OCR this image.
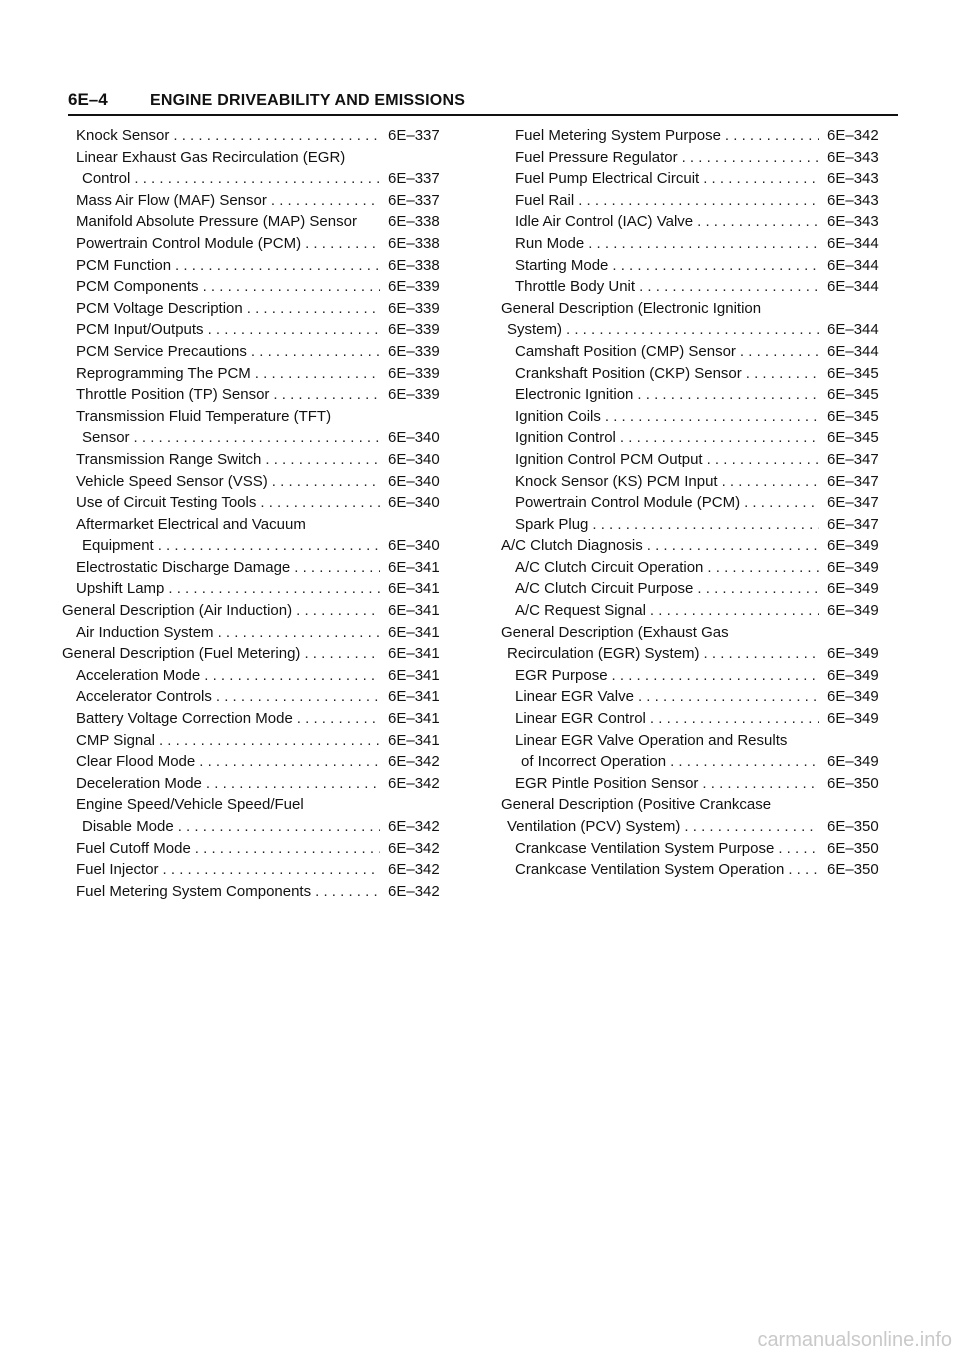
6E–4	ENGINE DRIVEABILITY AND EMISSIONS
Knock Sensor . . .	6E–337
Linear Exhaust Gas Recirculation (EGR)
Control . . .	6E–337
Mass Air Flow (MAF) Sensor . . .	6E–337
Manifold Absolute Pressure (MAP) Sensor 6E–338
Powertrain Control Module (PCM) . . .	6E–338
PCM Function . . .	6E–338
PCM Components . . .	6E–339
PCM Voltage Description . . .	6E–339
PCM Input/Outputs . . .	6E–339
PCM Service Precautions . . .	6E–339
Reprogramming The PCM . . .	6E–339
Throttle Position (TP) Sensor . . .	6E–339
Transmission Fluid Temperature (TFT)
Sensor . . .	6E–340
Transmission Range Switch . . .	6E–340
Vehicle Speed Sensor (VSS) . . .	6E–340
Use of Circuit Testing Tools . . .	6E–340
Aftermarket Electrical and Vacuum
Equipment . . .	6E–340
Electrostatic Discharge Damage . . .	6E–341
Upshift Lamp . . .	6E–341
General Description (Air Induction) . . .	6E–341
Air Induction System . . .	6E–341
General Description (Fuel Metering) . . .	6E–341
Acceleration Mode . . .	6E–341
Accelerator Controls . . .	6E–341
Battery Voltage Correction Mode . . .	6E–341
CMP Signal . . .	6E–341
Clear Flood Mode . . .	6E–342
Deceleration Mode . . .	6E–342
Engine Speed/Vehicle Speed/Fuel
Disable Mode . . .	6E–342
Fuel Cutoff Mode . . .	6E–342
Fuel Injector . . .	6E–342
Fuel Metering System Components . . .	6E–342
Fuel Metering System Purpose . . .	6E–342
Fuel Pressure Regulator . . .	6E–343
Fuel Pump Electrical Circuit . . .	6E–343
Fuel Rail . . .	6E–343
Idle Air Control (IAC) Valve . . .	6E–343
Run Mode . . .	6E–344
Starting Mode . . .	6E–344
Throttle Body Unit . . .	6E–344
General Description (Electronic Ignition
System) . . .	6E–344
Camshaft Position (CMP) Sensor . . .	6E–344
Crankshaft Position (CKP) Sensor . . .	6E–345
Electronic Ignition . . .	6E–345
Ignition Coils . . .	6E–345
Ignition Control . . .	6E–345
Ignition Control PCM Output . . .	6E–347
Knock Sensor (KS) PCM Input . . .	6E–347
Powertrain Control Module (PCM) . . .	6E–347
Spark Plug . . .	6E–347
A/C Clutch Diagnosis . . .	6E–349
A/C Clutch Circuit Operation . . .	6E–349
A/C Clutch Circuit Purpose . . .	6E–349
A/C Request Signal . . .	6E–349
General Description (Exhaust Gas
Recirculation (EGR) System) . . .	6E–349
EGR Purpose . . .	6E–349
Linear EGR Valve . . .	6E–349
Linear EGR Control . . .	6E–349
Linear EGR Valve Operation and Results
of Incorrect Operation . . .	6E–349
EGR Pintle Position Sensor . . .	6E–350
General Description (Positive Crankcase
Ventilation (PCV) System) . . .	6E–350
Crankcase Ventilation System Purpose . . .	6E–350
Crankcase Ventilation System Operation . . .	6E–350
carmanualsonline.info
